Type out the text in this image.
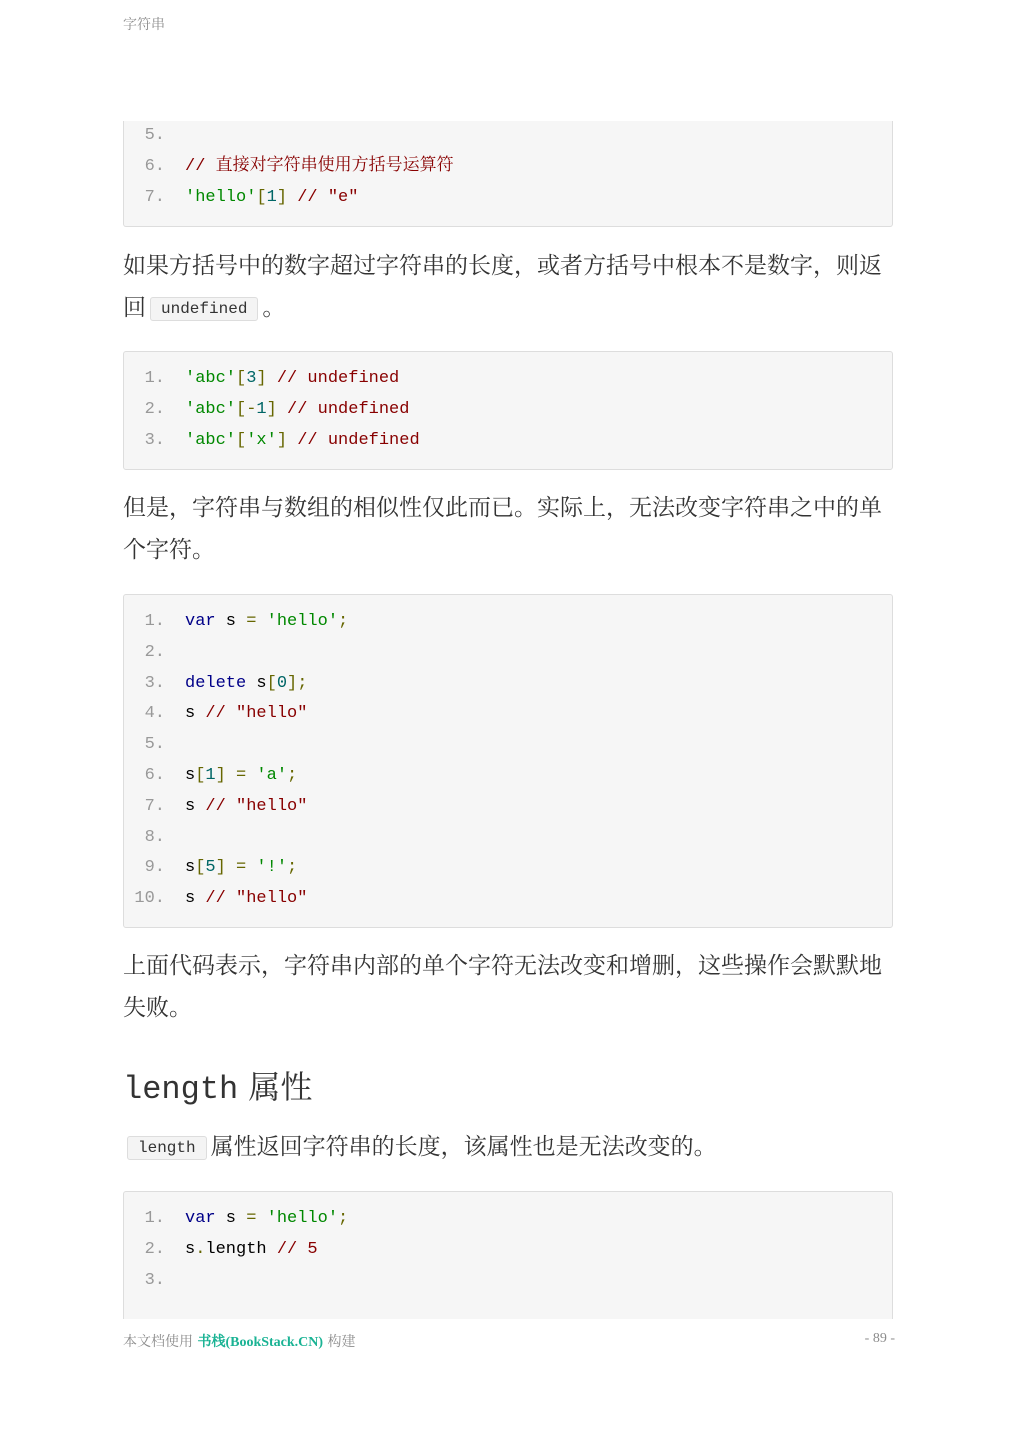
字符串
5.
6. // 直接对字符串使用方括号运算符
7. 'hello'[1] // "e"
如果方括号中的数字超过字符串的长度，或者方括号中根本不是数字，则返回 undefined 。
1. 'abc'[3] // undefined
2. 'abc'[-1] // undefined
3. 'abc'['x'] // undefined
但是，字符串与数组的相似性仅此而已。实际上，无法改变字符串之中的单个字符。
1. var s = 'hello';
2.
3. delete s[0];
4. s // "hello"
5.
6. s[1] = 'a';
7. s // "hello"
8.
9. s[5] = '!';
10. s // "hello"
上面代码表示，字符串内部的单个字符无法改变和增删，这些操作会默默地失败。
length 属性
length 属性返回字符串的长度，该属性也是无法改变的。
1. var s = 'hello';
2. s.length // 5
3.
本文档使用 书栈(BookStack.CN) 构建	- 89 -
